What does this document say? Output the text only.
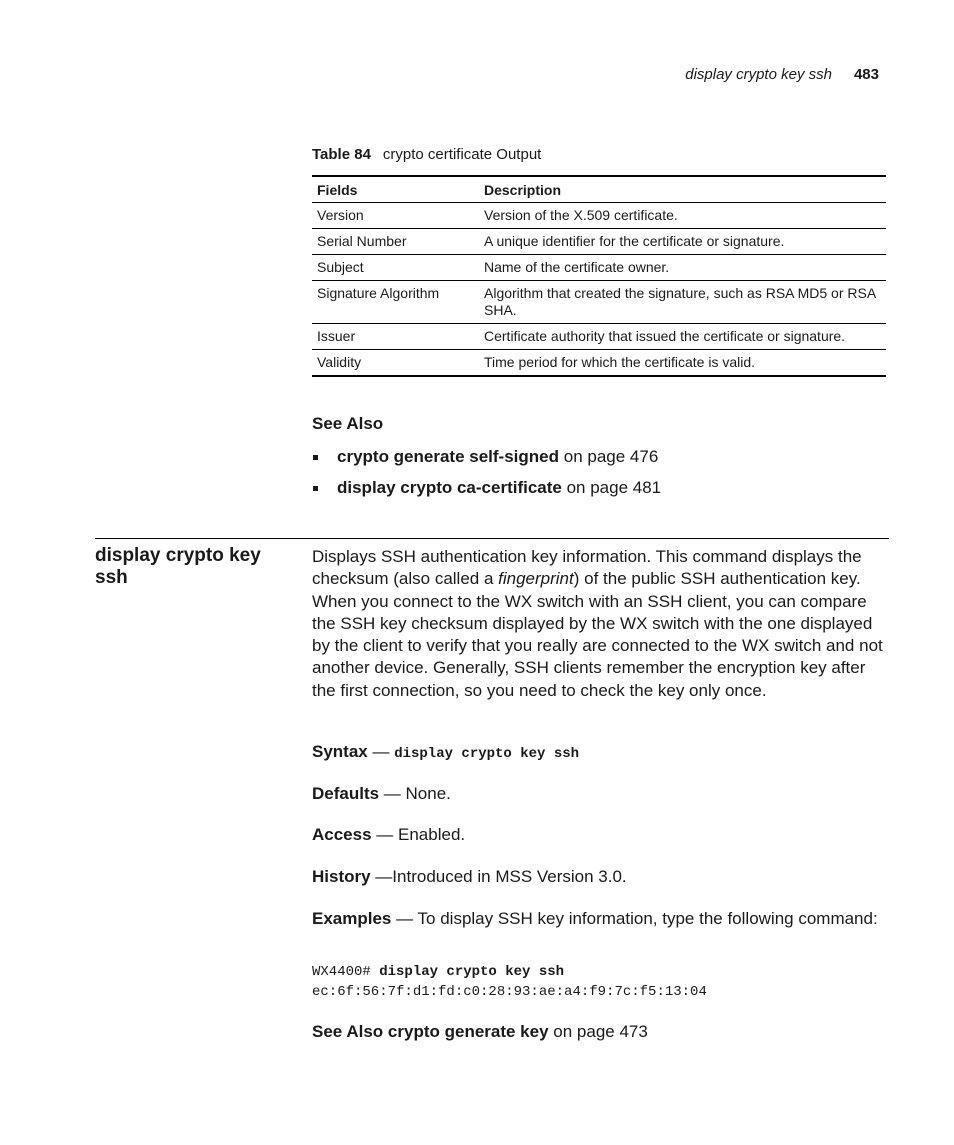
display crypto key ssh 483
Table 84 crypto certificate Output
Fields	Description
Version	Version of the X.509 certificate.
Serial Number	A unique identifier for the certificate or signature.
Subject	Name of the certificate owner.
Signature Algorithm	Algorithm that created the signature, such as RSA MD5 or RSA SHA.
Issuer	Certificate authority that issued the certificate or signature.
Validity	Time period for which the certificate is valid.
See Also
crypto generate self-signed on page 476
display crypto ca-certificate on page 481
display crypto key ssh
Displays SSH authentication key information. This command displays the checksum (also called a fingerprint) of the public SSH authentication key. When you connect to the WX switch with an SSH client, you can compare the SSH key checksum displayed by the WX switch with the one displayed by the client to verify that you really are connected to the WX switch and not another device. Generally, SSH clients remember the encryption key after the first connection, so you need to check the key only once.
Syntax — display crypto key ssh
Defaults — None.
Access — Enabled.
History —Introduced in MSS Version 3.0.
Examples — To display SSH key information, type the following command:
WX4400# display crypto key ssh
ec:6f:56:7f:d1:fd:c0:28:93:ae:a4:f9:7c:f5:13:04
See Also crypto generate key on page 473
